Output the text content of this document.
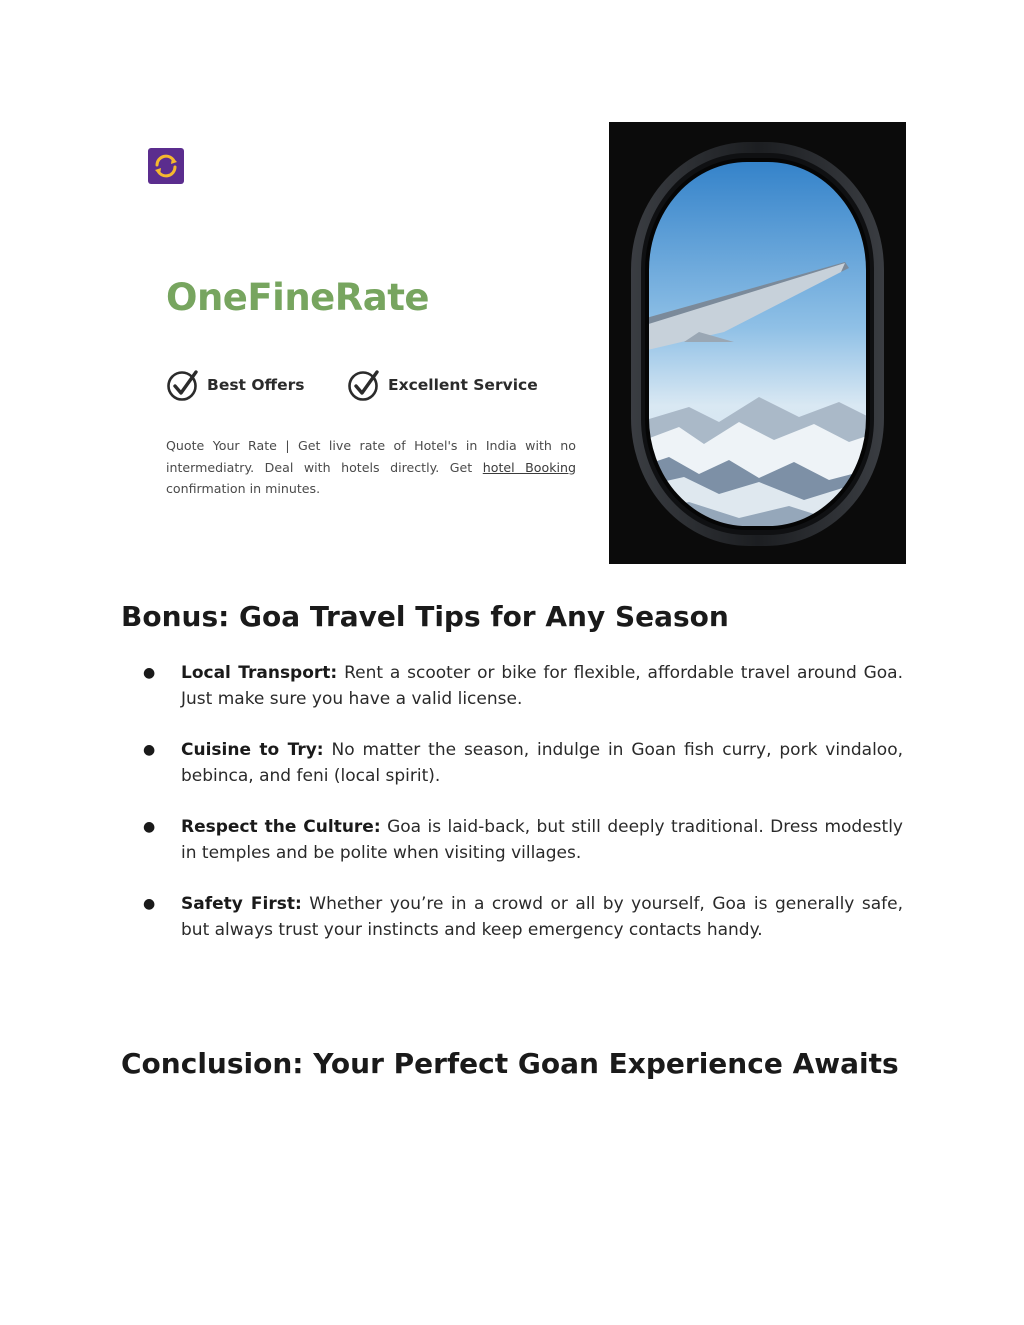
OneFineRate
Best Offers	Excellent Service

Quote Your Rate | Get live rate of Hotel's in India with no intermediatry. Deal with hotels directly. Get hotel Booking confirmation in minutes.

Bonus: Goa Travel Tips for Any Season
● Local Transport: Rent a scooter or bike for flexible, affordable travel around Goa. Just make sure you have a valid license.
● Cuisine to Try: No matter the season, indulge in Goan fish curry, pork vindaloo, bebinca, and feni (local spirit).
● Respect the Culture: Goa is laid-back, but still deeply traditional. Dress modestly in temples and be polite when visiting villages.
● Safety First: Whether you’re in a crowd or all by yourself, Goa is generally safe, but always trust your instincts and keep emergency contacts handy.
Conclusion: Your Perfect Goan Experience Awaits
